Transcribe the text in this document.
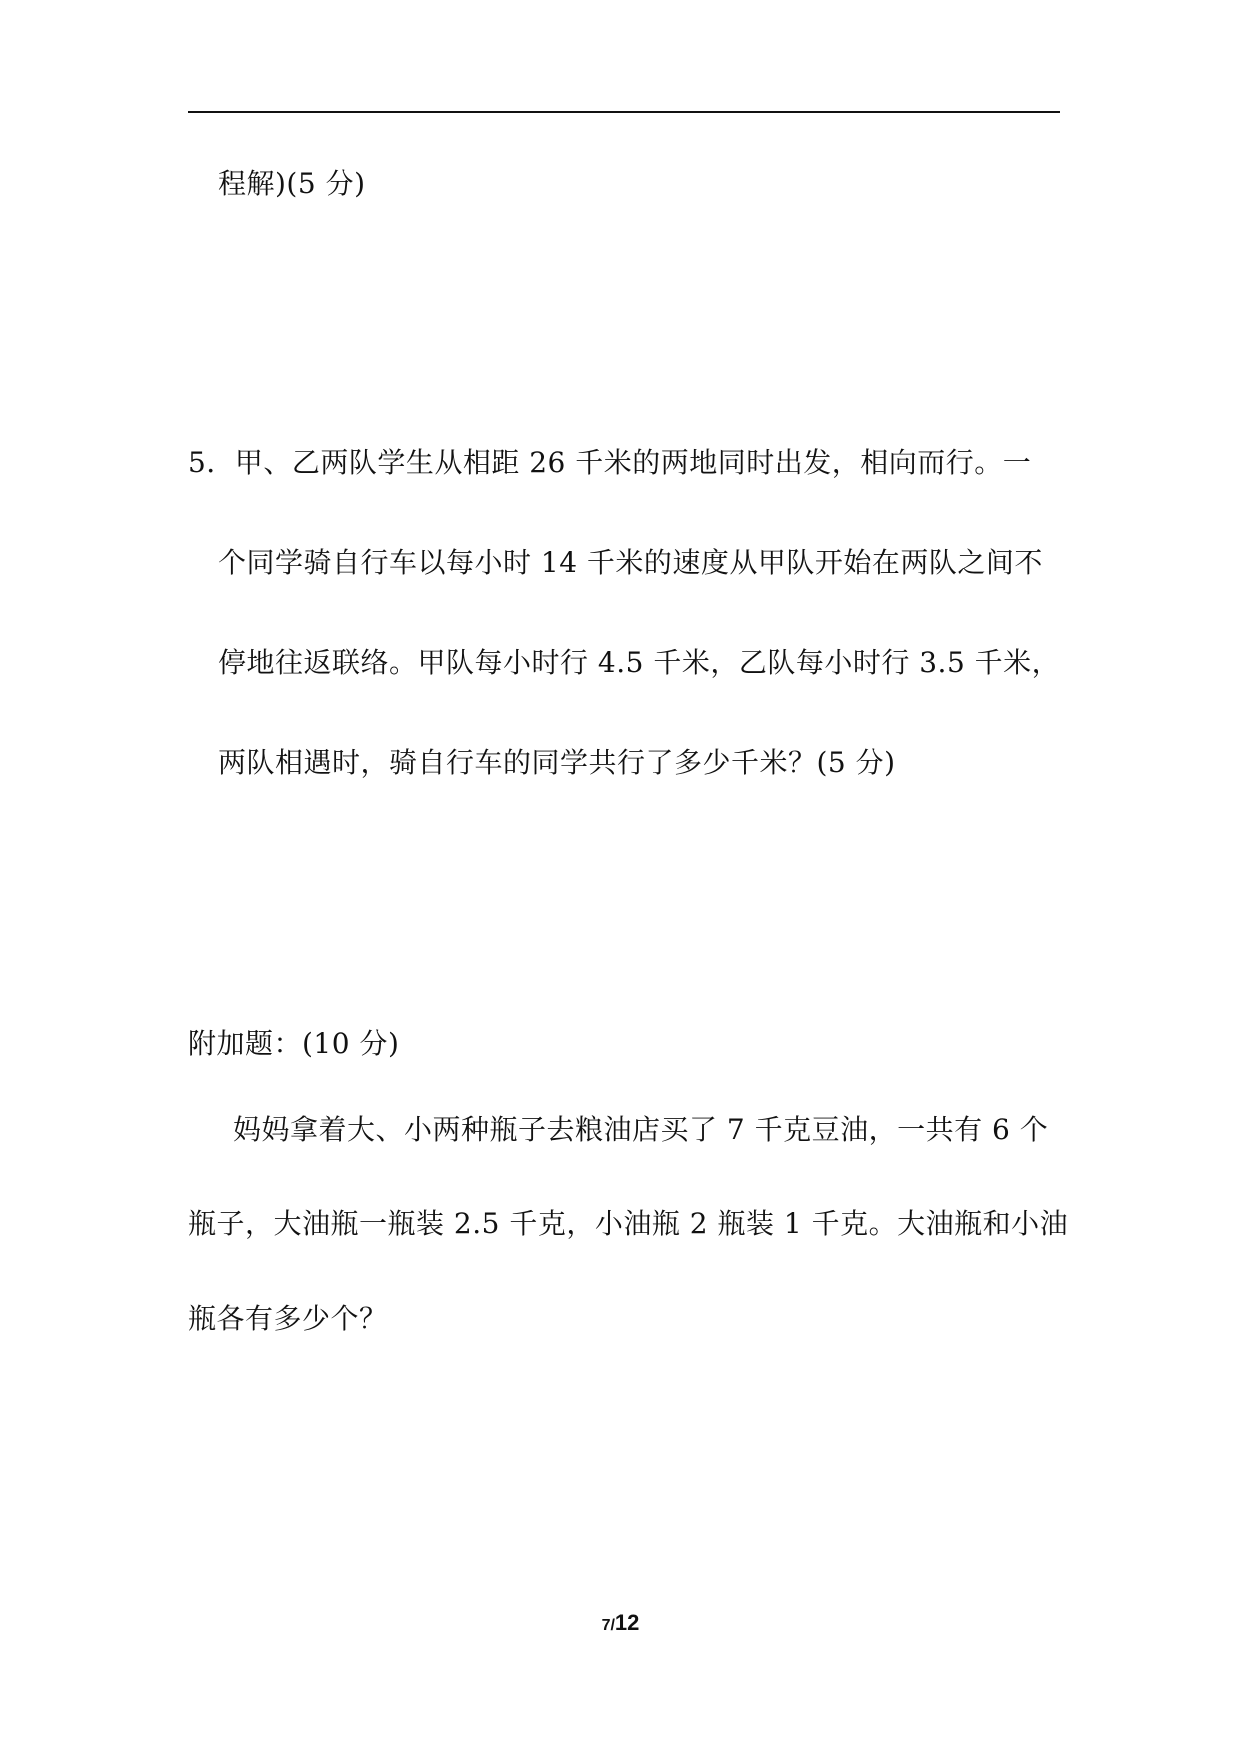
程解)(5 分)
5．甲、乙两队学生从相距 26 千米的两地同时出发，相向而行。一
个同学骑自行车以每小时 14 千米的速度从甲队开始在两队之间不
停地往返联络。甲队每小时行 4.5 千米，乙队每小时行 3.5 千米，
两队相遇时，骑自行车的同学共行了多少千米？(5 分)
附加题：(10 分)
妈妈拿着大、小两种瓶子去粮油店买了 7 千克豆油，一共有 6 个
瓶子，大油瓶一瓶装 2.5 千克，小油瓶 2 瓶装 1 千克。大油瓶和小油
瓶各有多少个？
7/12
